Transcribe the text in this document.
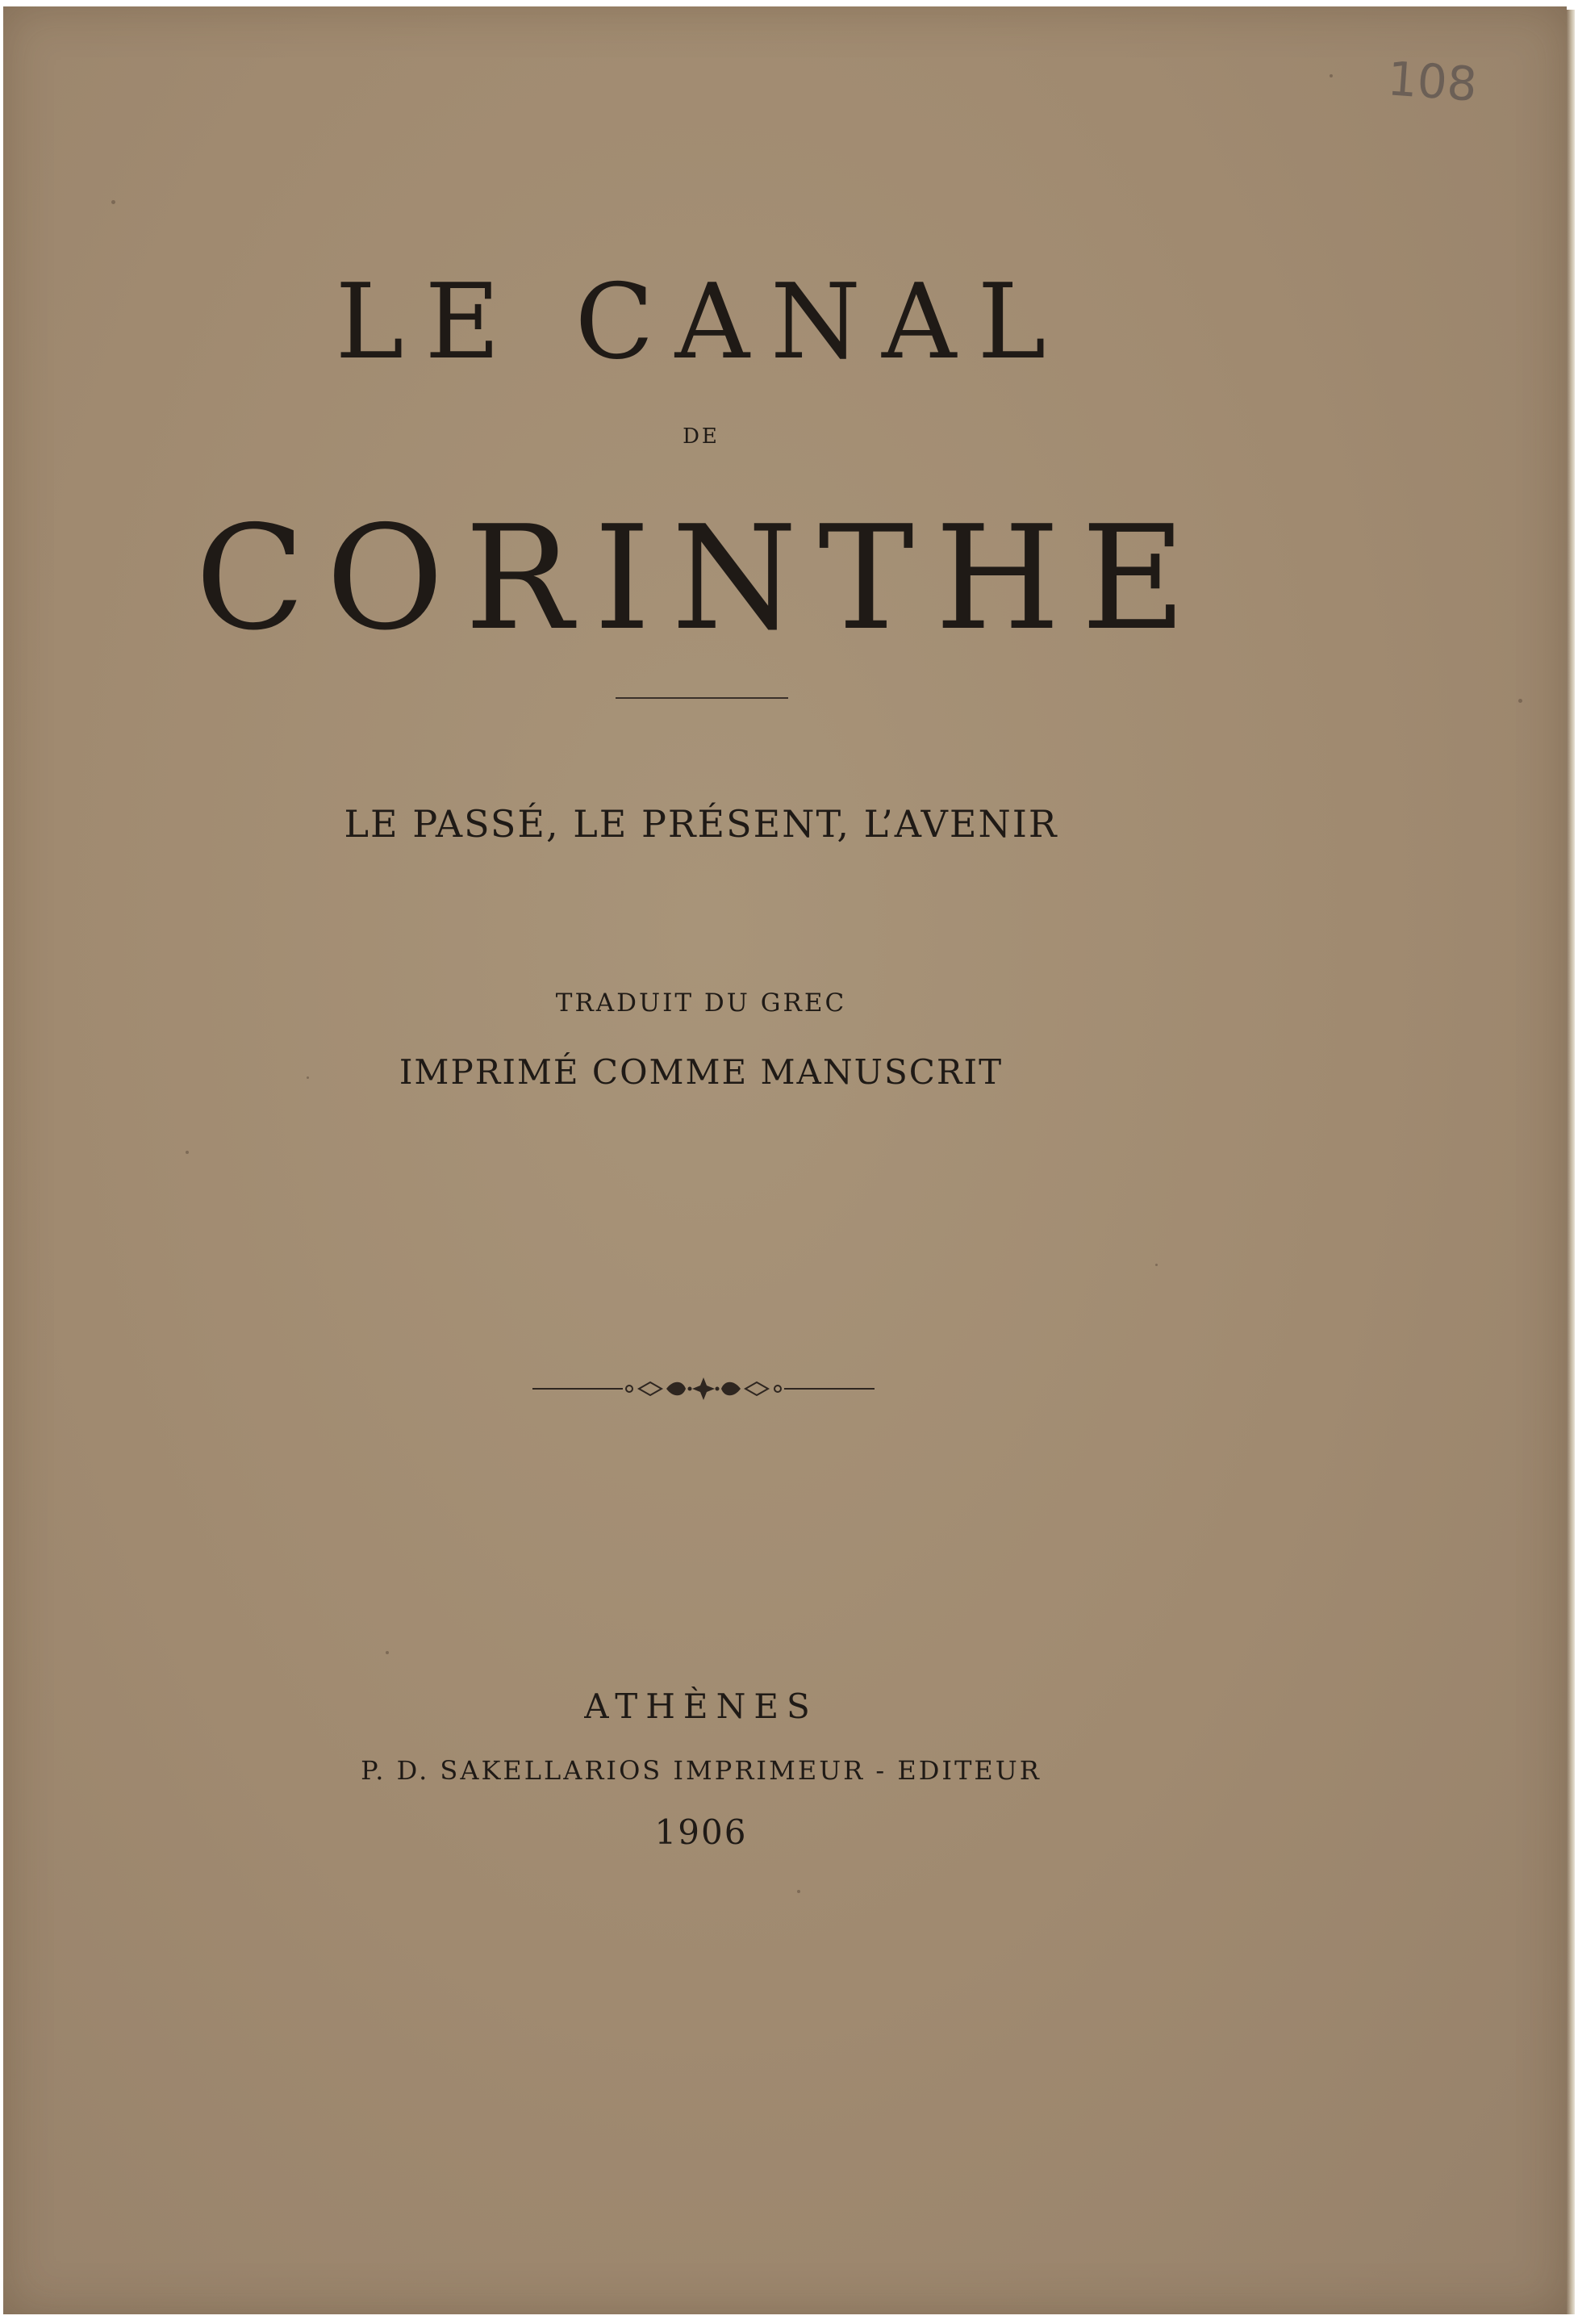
108
LE CANAL
DE
CORINTHE
LE PASSÉ, LE PRÉSENT, L’AVENIR
TRADUIT DU GREC
IMPRIMÉ COMME MANUSCRIT
ATHÈNES
P. D. SAKELLARIOS IMPRIMEUR - EDITEUR
1906
